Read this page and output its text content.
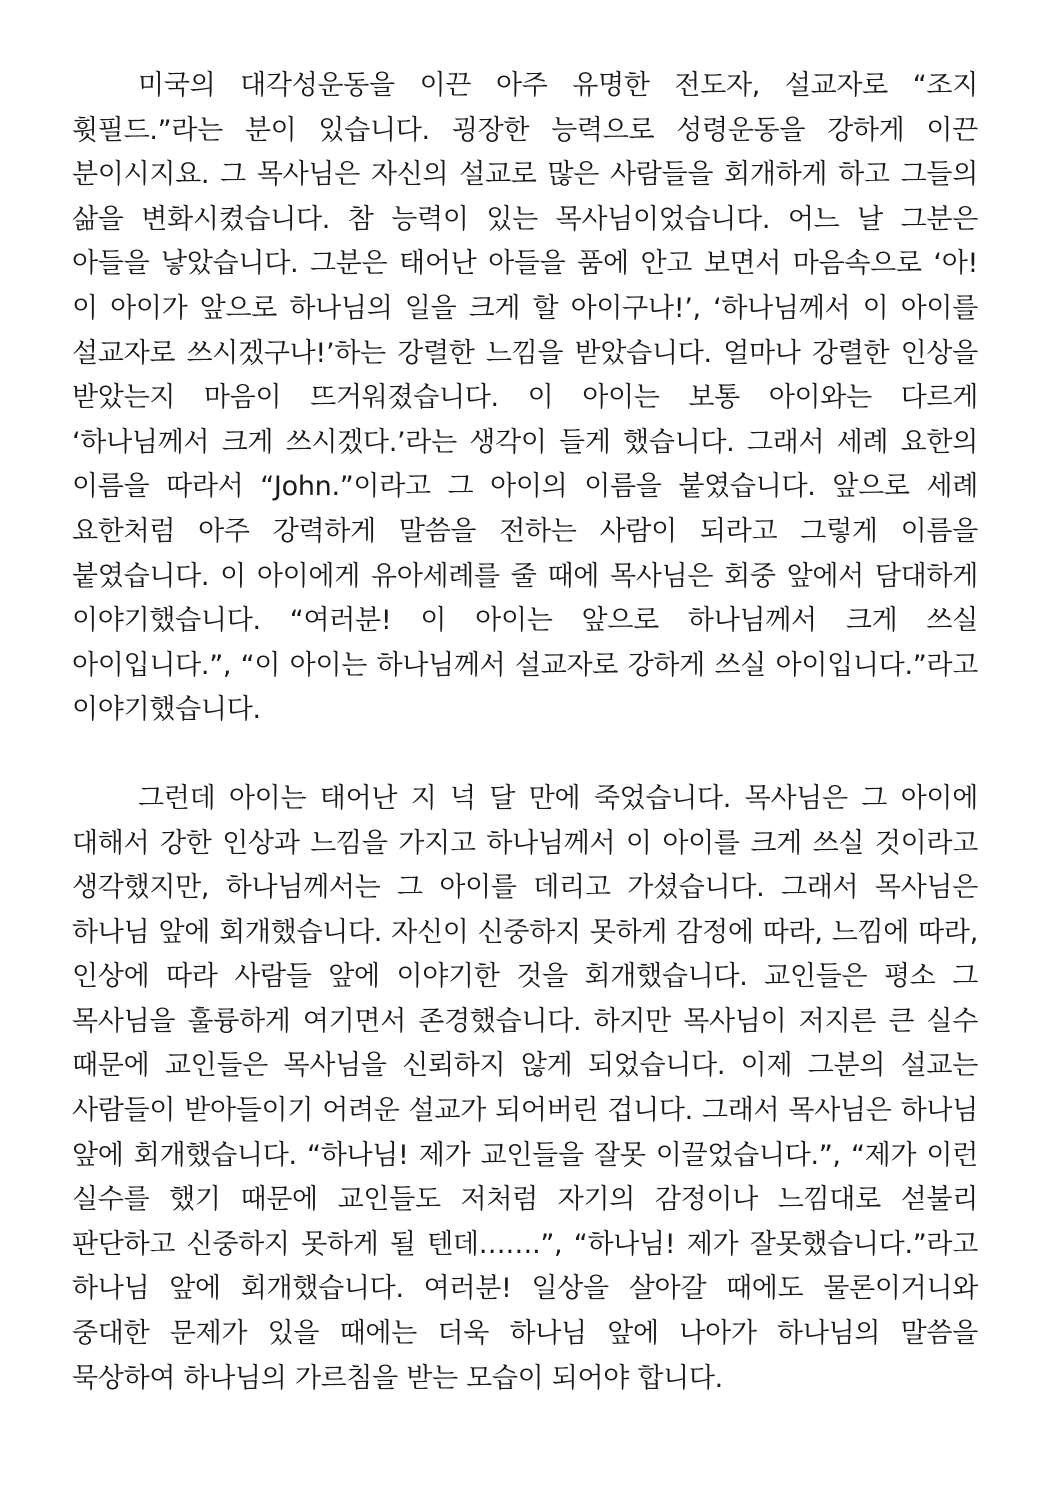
미국의 대각성운동을 이끈 아주 유명한 전도자, 설교자로 “조지 휫필드.”라는 분이 있습니다. 굉장한 능력으로 성령운동을 강하게 이끈 분이시지요. 그 목사님은 자신의 설교로 많은 사람들을 회개하게 하고 그들의 삶을 변화시켰습니다. 참 능력이 있는 목사님이었습니다. 어느 날 그분은 아들을 낳았습니다. 그분은 태어난 아들을 품에 안고 보면서 마음속으로 ‘아! 이 아이가 앞으로 하나님의 일을 크게 할 아이구나!’, ‘하나님께서 이 아이를 설교자로 쓰시겠구나!’하는 강렬한 느낌을 받았습니다. 얼마나 강렬한 인상을 받았는지 마음이 뜨거워졌습니다. 이 아이는 보통 아이와는 다르게 ‘하나님께서 크게 쓰시겠다.’라는 생각이 들게 했습니다. 그래서 세례 요한의 이름을 따라서 “John.”이라고 그 아이의 이름을 붙였습니다. 앞으로 세례 요한처럼 아주 강력하게 말씀을 전하는 사람이 되라고 그렇게 이름을 붙였습니다. 이 아이에게 유아세례를 줄 때에 목사님은 회중 앞에서 담대하게 이야기했습니다. “여러분! 이 아이는 앞으로 하나님께서 크게 쓰실 아이입니다.”, “이 아이는 하나님께서 설교자로 강하게 쓰실 아이입니다.”라고 이야기했습니다.

그런데 아이는 태어난 지 넉 달 만에 죽었습니다. 목사님은 그 아이에 대해서 강한 인상과 느낌을 가지고 하나님께서 이 아이를 크게 쓰실 것이라고 생각했지만, 하나님께서는 그 아이를 데리고 가셨습니다. 그래서 목사님은 하나님 앞에 회개했습니다. 자신이 신중하지 못하게 감정에 따라, 느낌에 따라, 인상에 따라 사람들 앞에 이야기한 것을 회개했습니다. 교인들은 평소 그 목사님을 훌륭하게 여기면서 존경했습니다. 하지만 목사님이 저지른 큰 실수 때문에 교인들은 목사님을 신뢰하지 않게 되었습니다. 이제 그분의 설교는 사람들이 받아들이기 어려운 설교가 되어버린 겁니다. 그래서 목사님은 하나님 앞에 회개했습니다. “하나님! 제가 교인들을 잘못 이끌었습니다.”, “제가 이런 실수를 했기 때문에 교인들도 저처럼 자기의 감정이나 느낌대로 섣불리 판단하고 신중하지 못하게 될 텐데…….”, “하나님! 제가 잘못했습니다.”라고 하나님 앞에 회개했습니다. 여러분! 일상을 살아갈 때에도 물론이거니와 중대한 문제가 있을 때에는 더욱 하나님 앞에 나아가 하나님의 말씀을 묵상하여 하나님의 가르침을 받는 모습이 되어야 합니다.
